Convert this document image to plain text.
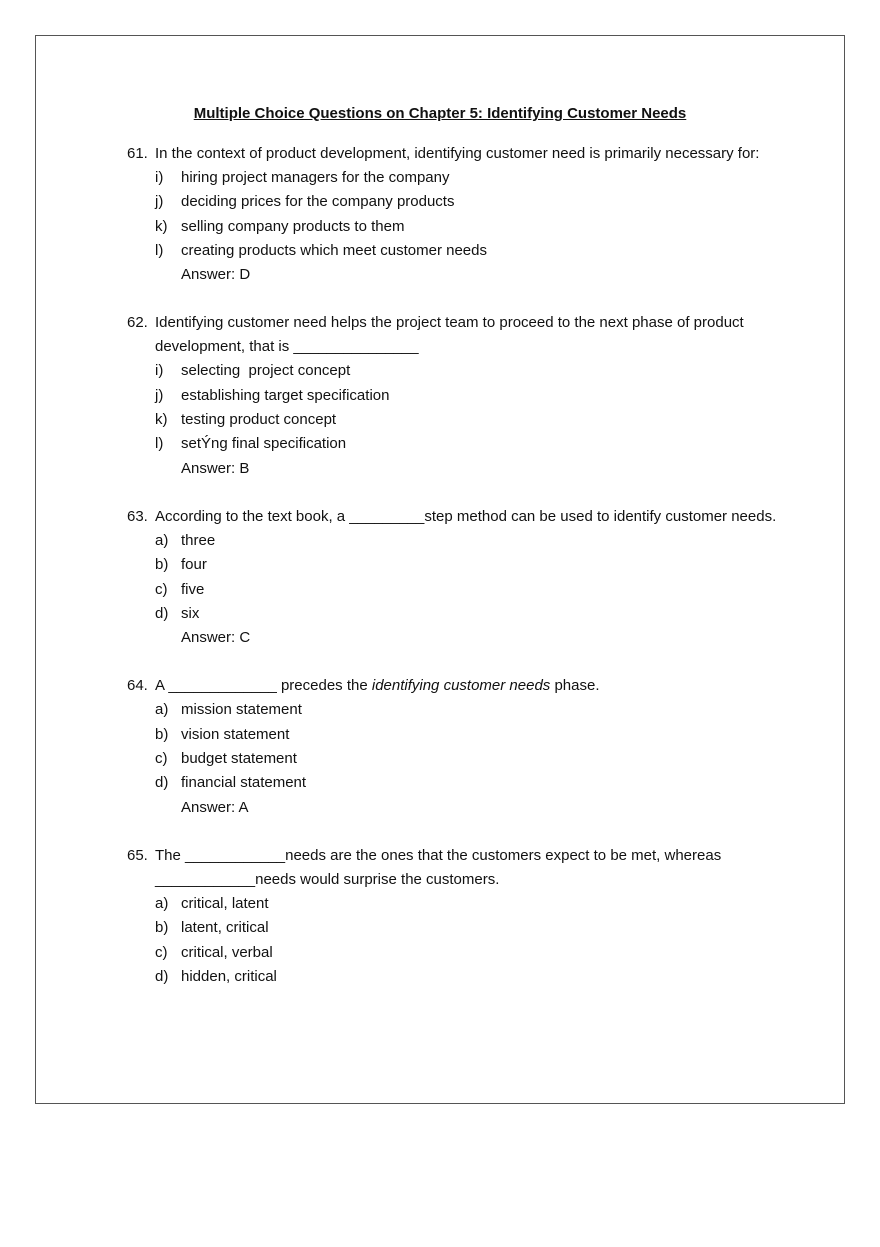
Multiple Choice Questions on Chapter 5: Identifying Customer Needs
61. In the context of product development, identifying customer need is primarily necessary for:
i)	hiring project managers for the company
j)	deciding prices for the company products
k) selling company products to them
l)	creating products which meet customer needs
Answer: D
62. Identifying customer need helps the project team to proceed to the next phase of product development, that is _______________
i)	selecting  project concept
j)	establishing target specification
k) testing product concept
l)	setÝng final specification
Answer: B
63. According to the text book, a _________step method can be used to identify customer needs.
a) three
b) four
c) five
d) six
Answer: C
64. A _____________ precedes the identifying customer needs phase.
a) mission statement
b) vision statement
c) budget statement
d) financial statement
Answer: A
65. The ____________needs are the ones that the customers expect to be met, whereas ____________needs would surprise the customers.
a) critical, latent
b) latent, critical
c) critical, verbal
d) hidden, critical
